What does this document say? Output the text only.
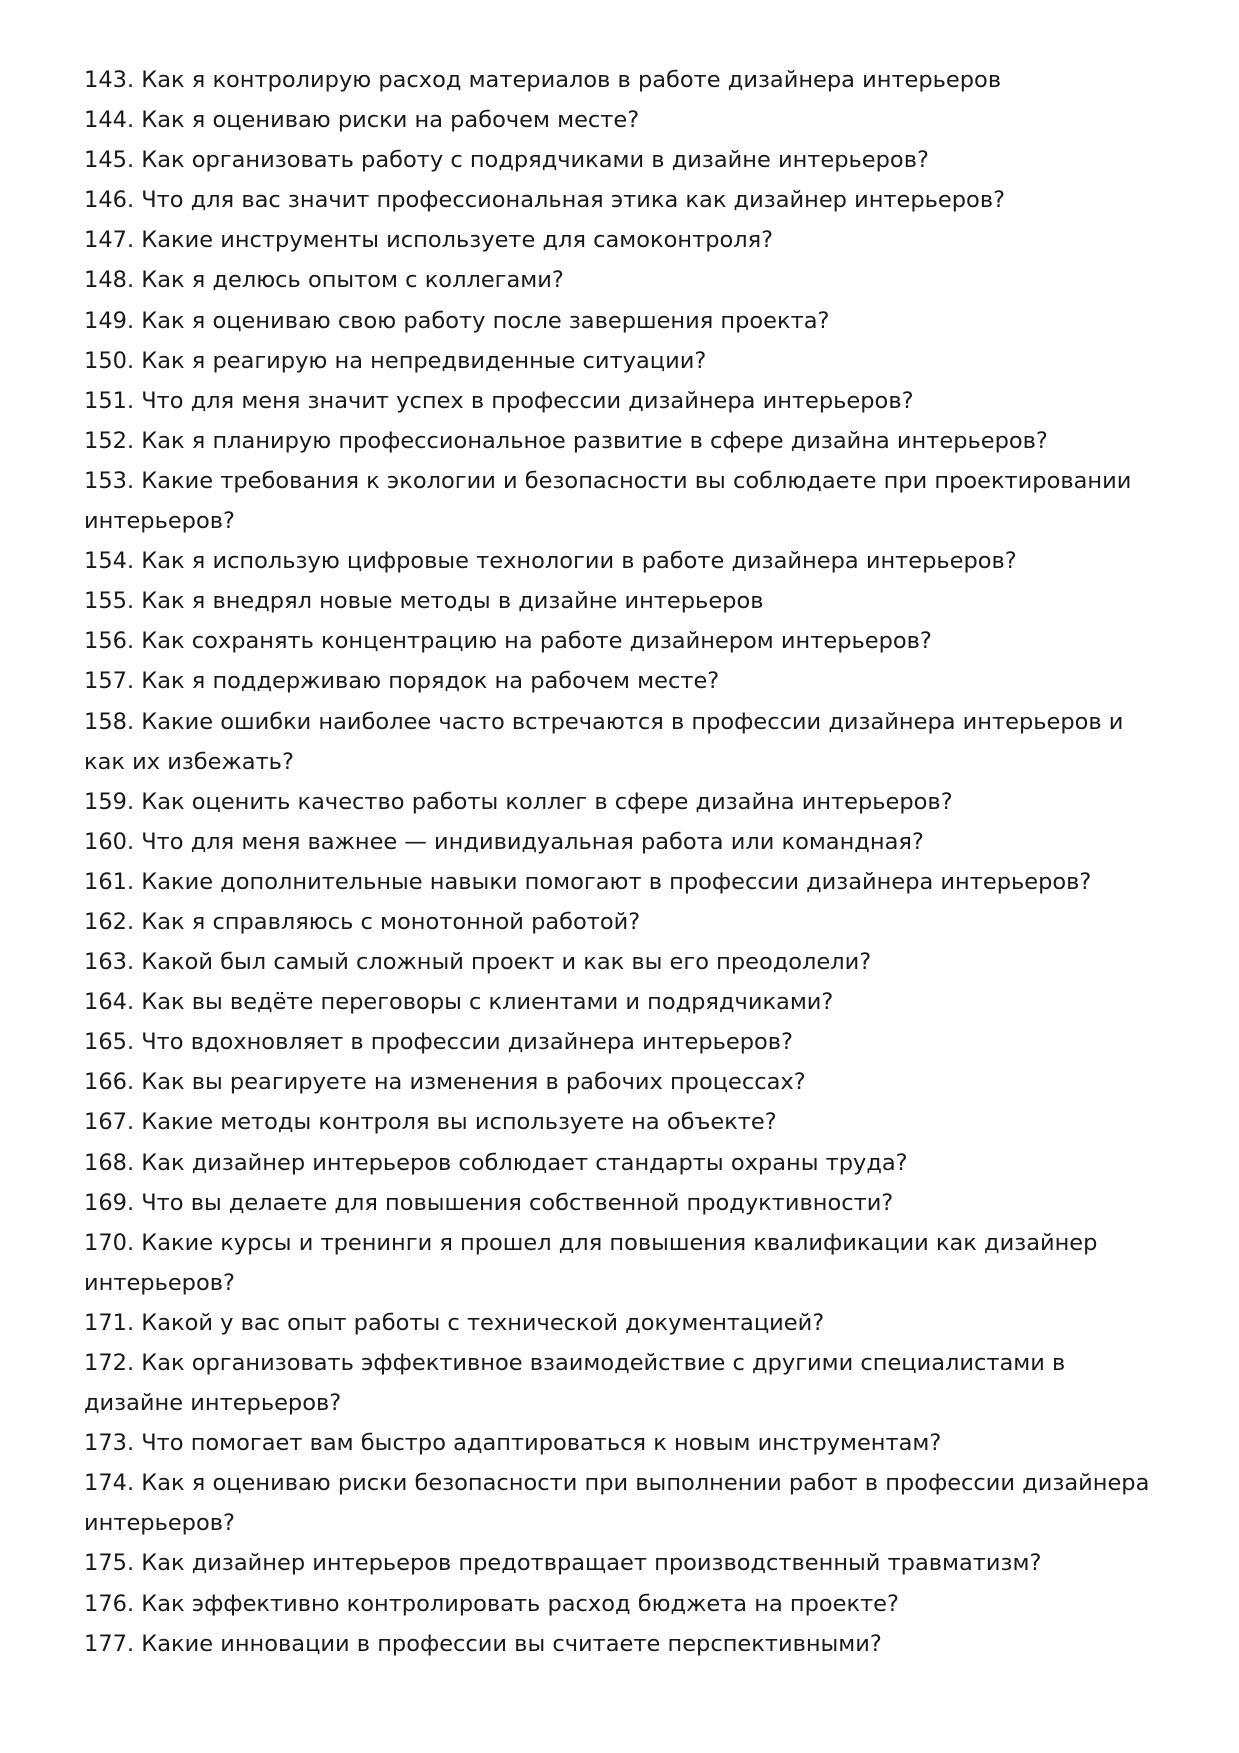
143. Как я контролирую расход материалов в работе дизайнера интерьеров
144. Как я оцениваю риски на рабочем месте?
145. Как организовать работу с подрядчиками в дизайне интерьеров?
146. Что для вас значит профессиональная этика как дизайнер интерьеров?
147. Какие инструменты используете для самоконтроля?
148. Как я делюсь опытом с коллегами?
149. Как я оцениваю свою работу после завершения проекта?
150. Как я реагирую на непредвиденные ситуации?
151. Что для меня значит успех в профессии дизайнера интерьеров?
152. Как я планирую профессиональное развитие в сфере дизайна интерьеров?
153. Какие требования к экологии и безопасности вы соблюдаете при проектировании интерьеров?
154. Как я использую цифровые технологии в работе дизайнера интерьеров?
155. Как я внедрял новые методы в дизайне интерьеров
156. Как сохранять концентрацию на работе дизайнером интерьеров?
157. Как я поддерживаю порядок на рабочем месте?
158. Какие ошибки наиболее часто встречаются в профессии дизайнера интерьеров и как их избежать?
159. Как оценить качество работы коллег в сфере дизайна интерьеров?
160. Что для меня важнее — индивидуальная работа или командная?
161. Какие дополнительные навыки помогают в профессии дизайнера интерьеров?
162. Как я справляюсь с монотонной работой?
163. Какой был самый сложный проект и как вы его преодолели?
164. Как вы ведёте переговоры с клиентами и подрядчиками?
165. Что вдохновляет в профессии дизайнера интерьеров?
166. Как вы реагируете на изменения в рабочих процессах?
167. Какие методы контроля вы используете на объекте?
168. Как дизайнер интерьеров соблюдает стандарты охраны труда?
169. Что вы делаете для повышения собственной продуктивности?
170. Какие курсы и тренинги я прошел для повышения квалификации как дизайнер интерьеров?
171. Какой у вас опыт работы с технической документацией?
172. Как организовать эффективное взаимодействие с другими специалистами в дизайне интерьеров?
173. Что помогает вам быстро адаптироваться к новым инструментам?
174. Как я оцениваю риски безопасности при выполнении работ в профессии дизайнера интерьеров?
175. Как дизайнер интерьеров предотвращает производственный травматизм?
176. Как эффективно контролировать расход бюджета на проекте?
177. Какие инновации в профессии вы считаете перспективными?
